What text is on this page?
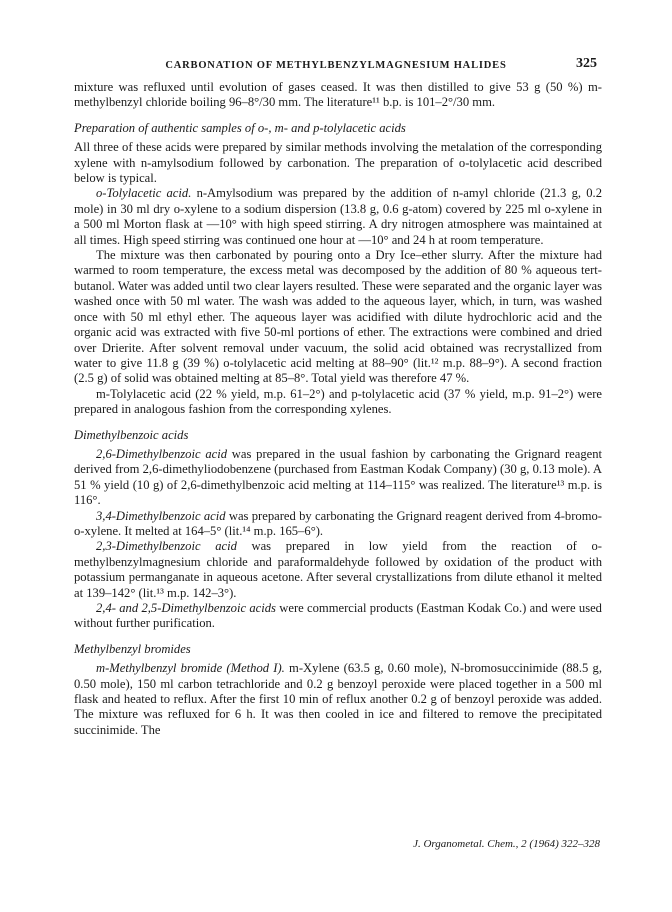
CARBONATION OF METHYLBENZYLMAGNESIUM HALIDES	325

mixture was refluxed until evolution of gases ceased. It was then distilled to give 53 g (50 %) m-methylbenzyl chloride boiling 96–8°/30 mm. The literature¹¹ b.p. is 101–2°/30 mm.

Preparation of authentic samples of o-, m- and p-tolylacetic acids

All three of these acids were prepared by similar methods involving the metalation of the corresponding xylene with n-amylsodium followed by carbonation. The preparation of o-tolylacetic acid described below is typical.

o-Tolylacetic acid. n-Amylsodium was prepared by the addition of n-amyl chloride (21.3 g, 0.2 mole) in 30 ml dry o-xylene to a sodium dispersion (13.8 g, 0.6 g-atom) covered by 225 ml o-xylene in a 500 ml Morton flask at —10° with high speed stirring. A dry nitrogen atmosphere was maintained at all times. High speed stirring was continued one hour at —10° and 24 h at room temperature.

The mixture was then carbonated by pouring onto a Dry Ice–ether slurry. After the mixture had warmed to room temperature, the excess metal was decomposed by the addition of 80 % aqueous tert-butanol. Water was added until two clear layers resulted. These were separated and the organic layer was washed once with 50 ml water. The wash was added to the aqueous layer, which, in turn, was washed once with 50 ml ethyl ether. The aqueous layer was acidified with dilute hydrochloric acid and the organic acid was extracted with five 50-ml portions of ether. The extractions were combined and dried over Drierite. After solvent removal under vacuum, the solid acid obtained was recrystallized from water to give 11.8 g (39 %) o-tolylacetic acid melting at 88–90° (lit.¹² m.p. 88–9°). A second fraction (2.5 g) of solid was obtained melting at 85–8°. Total yield was therefore 47 %.

m-Tolylacetic acid (22 % yield, m.p. 61–2°) and p-tolylacetic acid (37 % yield, m.p. 91–2°) were prepared in analogous fashion from the corresponding xylenes.

Dimethylbenzoic acids

2,6-Dimethylbenzoic acid was prepared in the usual fashion by carbonating the Grignard reagent derived from 2,6-dimethyliodobenzene (purchased from Eastman Kodak Company) (30 g, 0.13 mole). A 51 % yield (10 g) of 2,6-dimethylbenzoic acid melting at 114–115° was realized. The literature¹³ m.p. is 116°.

3,4-Dimethylbenzoic acid was prepared by carbonating the Grignard reagent derived from 4-bromo-o-xylene. It melted at 164–5° (lit.¹⁴ m.p. 165–6°).

2,3-Dimethylbenzoic acid was prepared in low yield from the reaction of o-methylbenzylmagnesium chloride and paraformaldehyde followed by oxidation of the product with potassium permanganate in aqueous acetone. After several crystallizations from dilute ethanol it melted at 139–142° (lit.¹³ m.p. 142–3°).

2,4- and 2,5-Dimethylbenzoic acids were commercial products (Eastman Kodak Co.) and were used without further purification.

Methylbenzyl bromides

m-Methylbenzyl bromide (Method I). m-Xylene (63.5 g, 0.60 mole), N-bromosuccinimide (88.5 g, 0.50 mole), 150 ml carbon tetrachloride and 0.2 g benzoyl peroxide were placed together in a 500 ml flask and heated to reflux. After the first 10 min of reflux another 0.2 g of benzoyl peroxide was added. The mixture was refluxed for 6 h. It was then cooled in ice and filtered to remove the precipitated succinimide. The

J. Organometal. Chem., 2 (1964) 322–328
